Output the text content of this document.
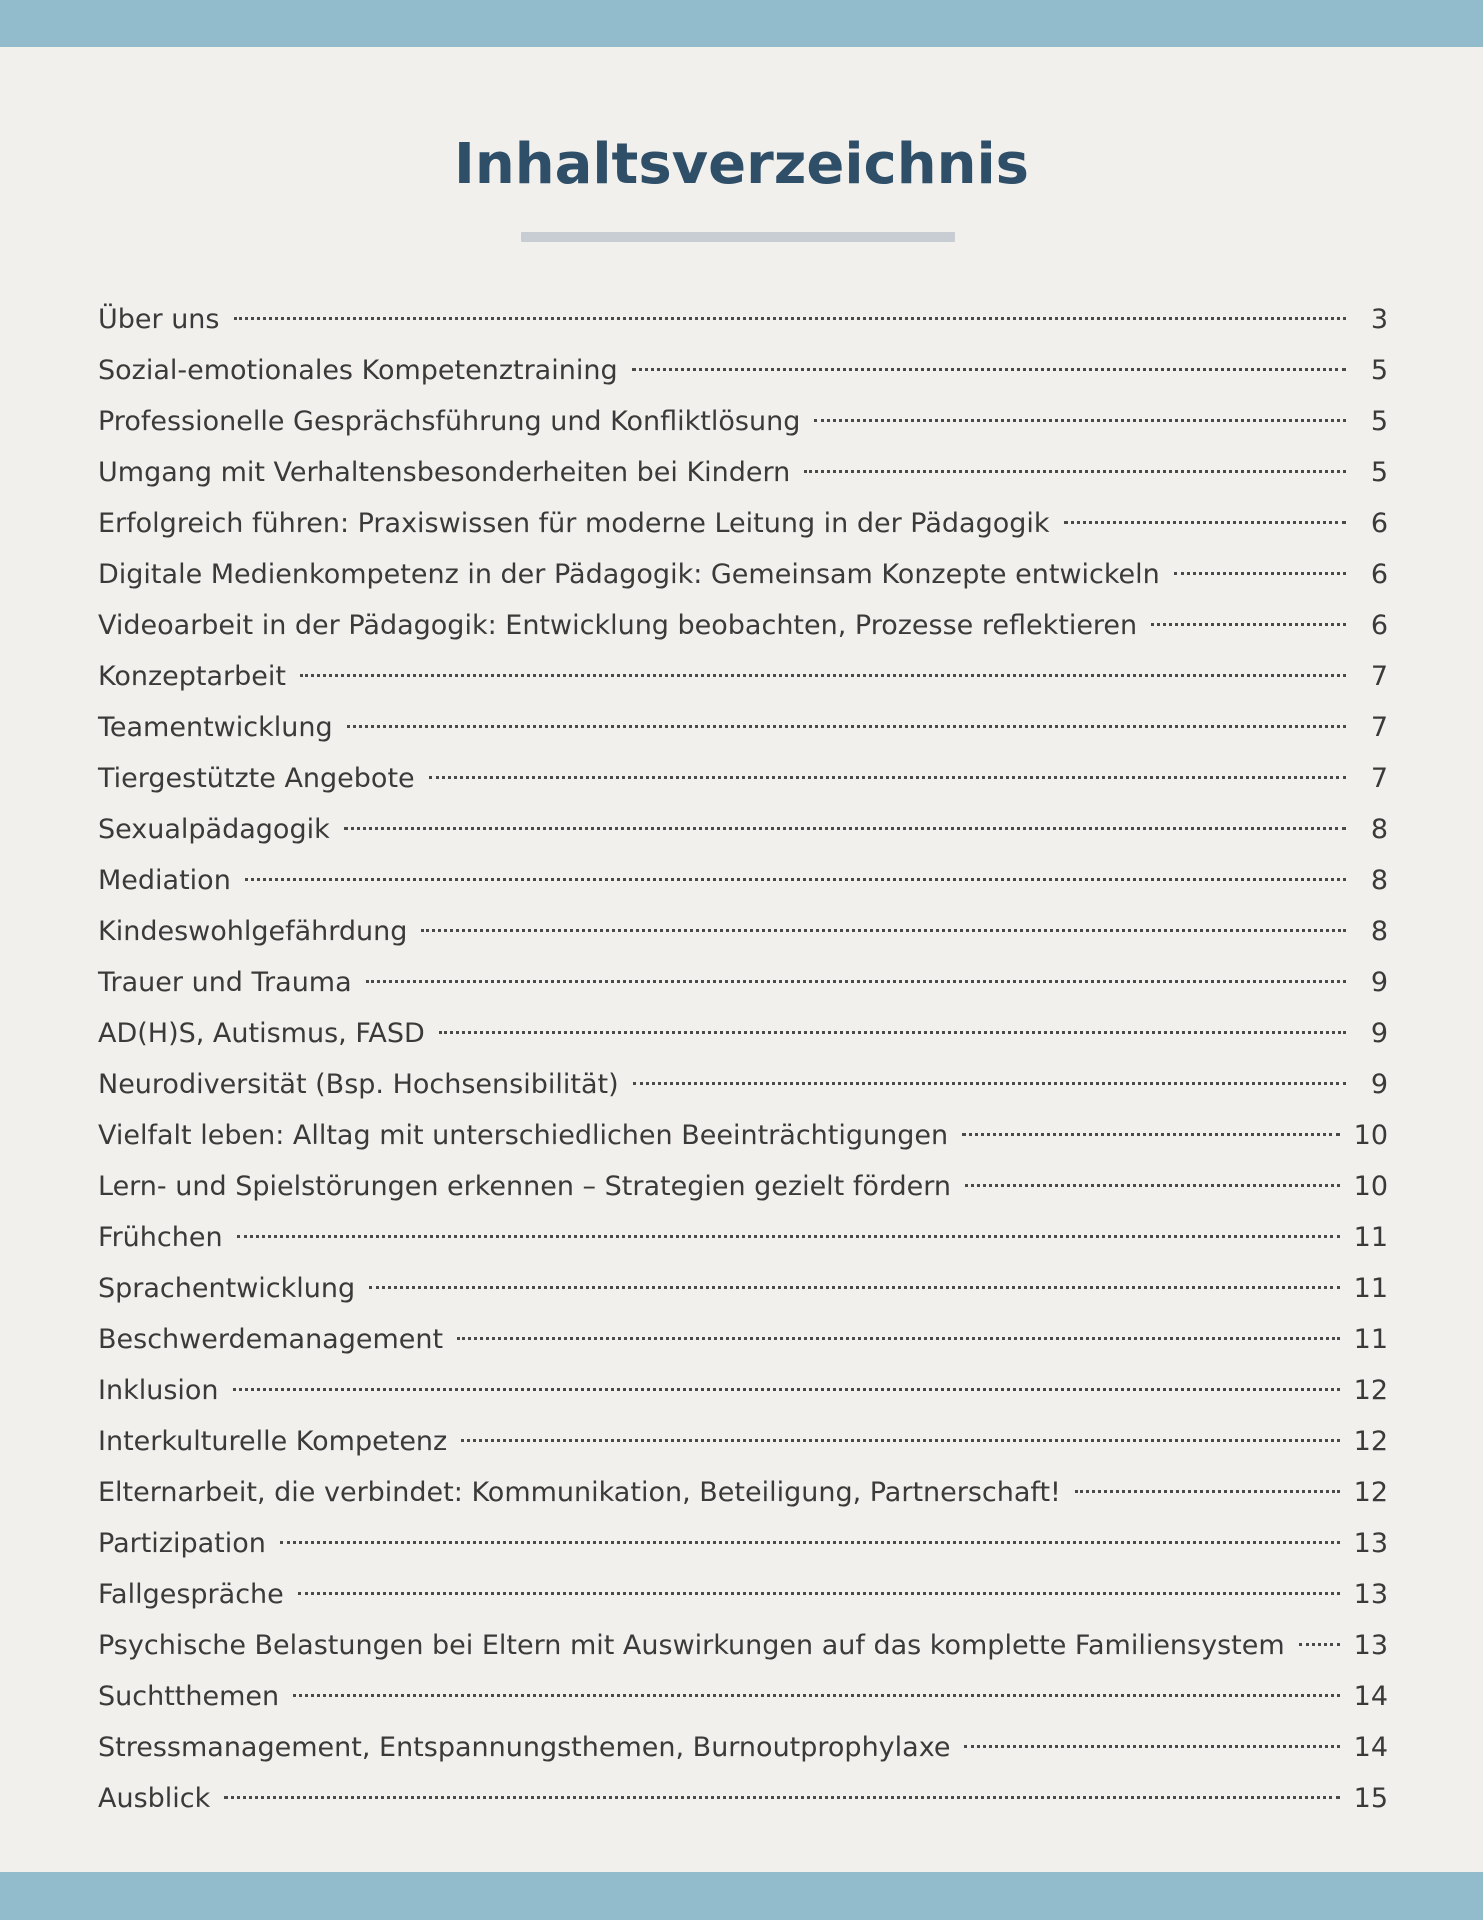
Inhaltsverzeichnis
Über uns	3
Sozial-emotionales Kompetenztraining	5
Professionelle Gesprächsführung und Konfliktlösung	5
Umgang mit Verhaltensbesonderheiten bei Kindern	5
Erfolgreich führen: Praxiswissen für moderne Leitung in der Pädagogik	6
Digitale Medienkompetenz in der Pädagogik: Gemeinsam Konzepte entwickeln	6
Videoarbeit in der Pädagogik: Entwicklung beobachten, Prozesse reflektieren	6
Konzeptarbeit	7
Teamentwicklung	7
Tiergestützte Angebote	7
Sexualpädagogik	8
Mediation	8
Kindeswohlgefährdung	8
Trauer und Trauma	9
AD(H)S, Autismus, FASD	9
Neurodiversität (Bsp. Hochsensibilität)	9
Vielfalt leben: Alltag mit unterschiedlichen Beeinträchtigungen	10
Lern- und Spielstörungen erkennen – Strategien gezielt fördern	10
Frühchen	11
Sprachentwicklung	11
Beschwerdemanagement	11
Inklusion	12
Interkulturelle Kompetenz	12
Elternarbeit, die verbindet: Kommunikation, Beteiligung, Partnerschaft!	12
Partizipation	13
Fallgespräche	13
Psychische Belastungen bei Eltern mit Auswirkungen auf das komplette Familiensystem	13
Suchtthemen	14
Stressmanagement, Entspannungsthemen, Burnoutprophylaxe	14
Ausblick	15
